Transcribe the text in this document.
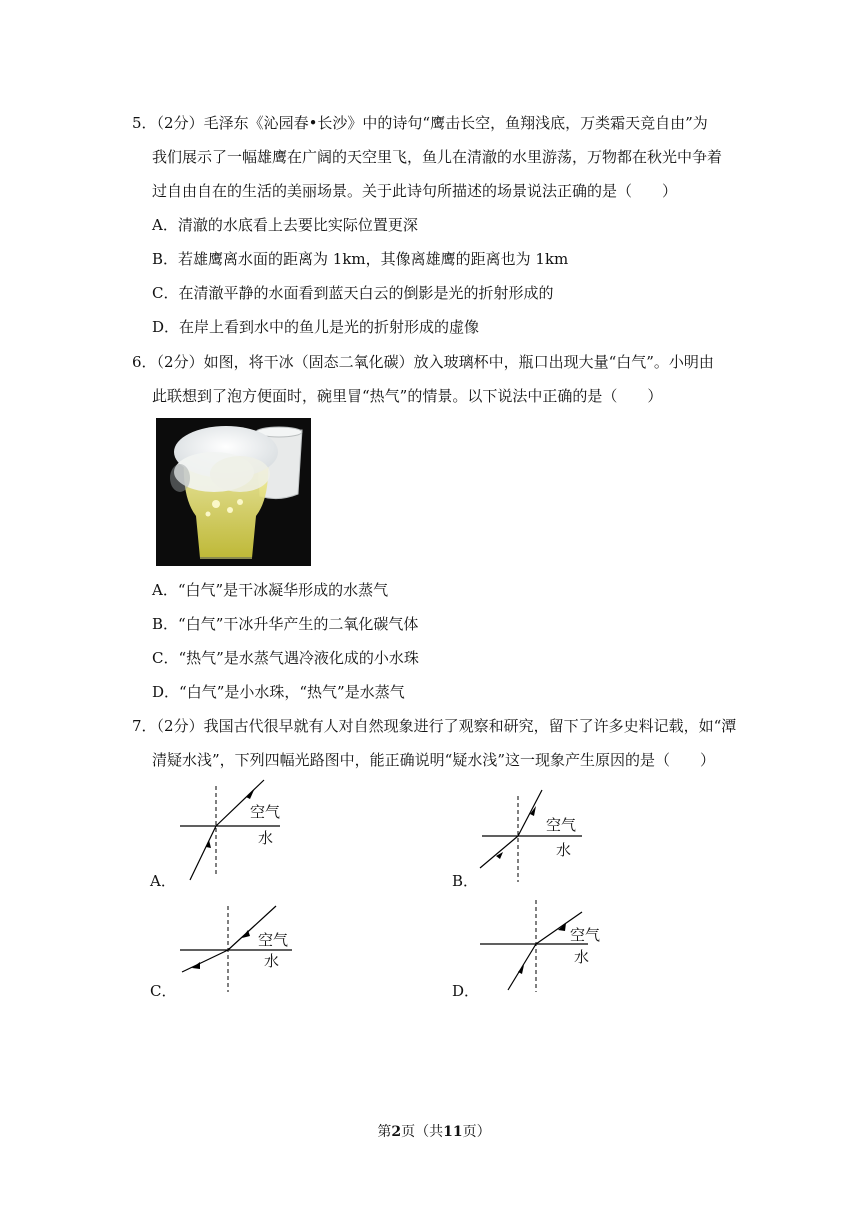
5．（2分）毛泽东《沁园春•长沙》中的诗句“鹰击长空，鱼翔浅底，万类霜天竞自由”为
我们展示了一幅雄鹰在广阔的天空里飞，鱼儿在清澈的水里游荡，万物都在秋光中争着
过自由自在的生活的美丽场景。关于此诗句所描述的场景说法正确的是（　　）
A．清澈的水底看上去要比实际位置更深
B．若雄鹰离水面的距离为 1km，其像离雄鹰的距离也为 1km
C．在清澈平静的水面看到蓝天白云的倒影是光的折射形成的
D．在岸上看到水中的鱼儿是光的折射形成的虚像
6．（2分）如图，将干冰（固态二氧化碳）放入玻璃杯中，瓶口出现大量“白气”。小明由
此联想到了泡方便面时，碗里冒“热气”的情景。以下说法中正确的是（　　）
A．“白气”是干冰凝华形成的水蒸气
B．“白气”干冰升华产生的二氧化碳气体
C．“热气”是水蒸气遇冷液化成的小水珠
D．“白气”是小水珠，“热气”是水蒸气
7．（2分）我国古代很早就有人对自然现象进行了观察和研究，留下了许多史料记载，如“潭
清疑水浅”，下列四幅光路图中，能正确说明“疑水浅”这一现象产生原因的是（　　）
空气
水
A．
空气
水
B．
空气
水
C．
空气
水
D．
第2页（共11页）
